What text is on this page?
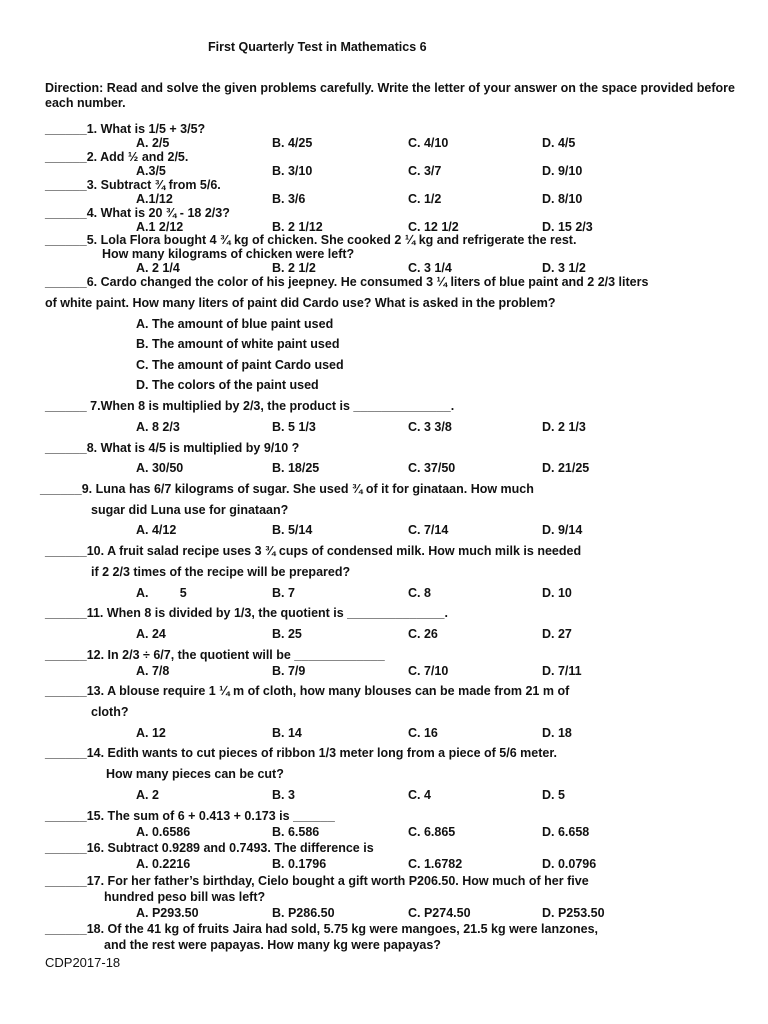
First Quarterly Test in Mathematics 6
Direction: Read and solve the given problems carefully. Write the letter of your answer on the space provided before each number.
______1. What is 1/5 + 3/5?
A. 2/5	B. 4/25	C. 4/10	D. 4/5
______2. Add ½ and 2/5.
A.3/5	B. 3/10	C. 3/7	D. 9/10
______3. Subtract ¾ from 5/6.
A.1/12	B. 3/6	C. 1/2	D. 8/10
______4. What is 20 ¾ - 18 2/3?
A.1 2/12	B. 2 1/12	C. 12 1/2	D. 15 2/3
______5. Lola Flora bought 4 ¾ kg of chicken. She cooked 2 ¼ kg and refrigerate the rest.
How many kilograms of chicken were left?
A. 2 1/4	B. 2 1/2	C. 3 1/4	D. 3 1/2
______6. Cardo changed the color of his jeepney. He consumed 3 ¼ liters of blue paint and 2 2/3 liters
of white paint. How many liters of paint did Cardo use? What is asked in the problem?
A. The amount of blue paint used
B. The amount of white paint used
C. The amount of paint Cardo used
D. The colors of the paint used
______ 7.When 8 is multiplied by 2/3, the product is ______________.
A. 8 2/3	B. 5 1/3	C. 3 3/8	D. 2 1/3
______8. What is 4/5 is multiplied by 9/10 ?
A. 30/50	B. 18/25	C. 37/50	D. 21/25
______9. Luna has 6/7 kilograms of sugar. She used ¾ of it for ginataan. How much
sugar did Luna use for ginataan?
A. 4/12	B. 5/14	C. 7/14	D. 9/14
______10. A fruit salad recipe uses 3 ¾ cups of condensed milk. How much milk is needed
if 2 2/3 times of the recipe will be prepared?
A.         5	B. 7	C. 8	D. 10
______11. When 8 is divided by 1/3, the quotient is ______________.
A. 24	B. 25	C. 26	D. 27
______12. In 2/3 ÷ 6/7, the quotient will be _____________
A. 7/8	B. 7/9	C. 7/10	D. 7/11
______13. A blouse require 1 ¼ m of cloth, how many blouses can be made from 21 m of
cloth?
A. 12	B. 14	C. 16	D. 18
______14. Edith wants to cut pieces of ribbon 1/3 meter long from a piece of 5/6 meter.
How many pieces can be cut?
A. 2	B. 3	C. 4	D. 5
______15. The sum of 6 + 0.413 + 0.173 is ______
A. 0.6586	B. 6.586	C. 6.865	D. 6.658
______16. Subtract 0.9289 and 0.7493. The difference is
A. 0.2216	B. 0.1796	C. 1.6782	D. 0.0796
______17. For her father’s birthday, Cielo bought a gift worth P206.50. How much of her five
hundred peso bill was left?
A. P293.50	B. P286.50	C. P274.50	D. P253.50
______18. Of the 41 kg of fruits Jaira had sold, 5.75 kg were mangoes, 21.5 kg were lanzones,
and the rest were papayas. How many kg were papayas?
CDP2017-18
